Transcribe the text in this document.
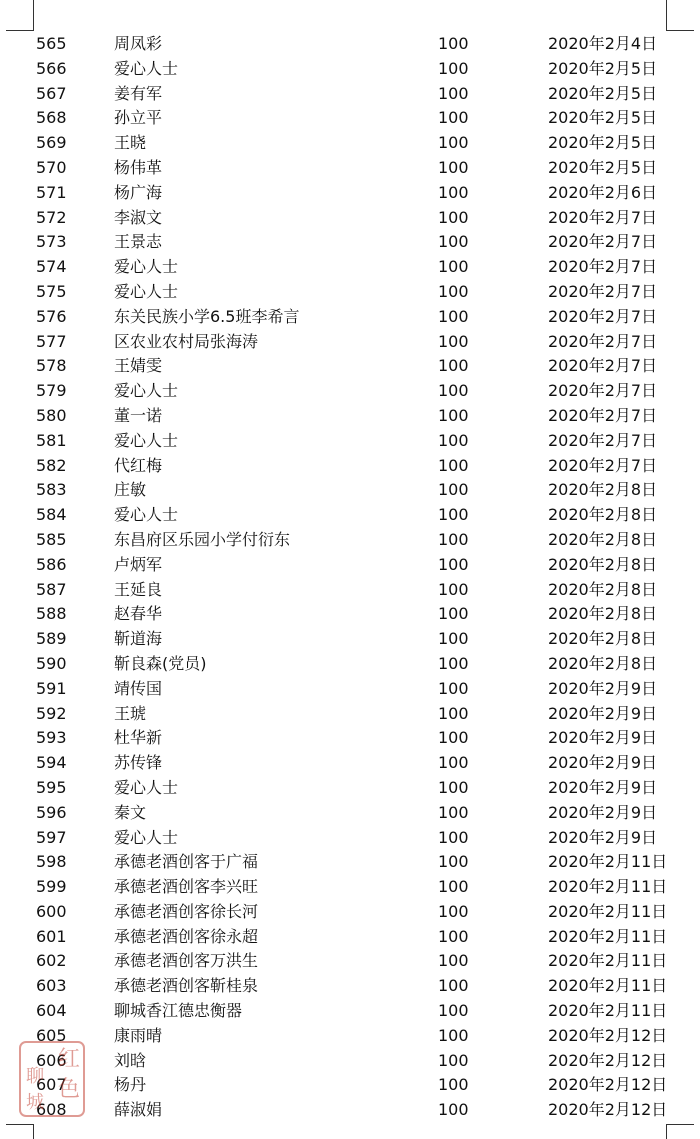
565	周凤彩	100	2020年2月4日
566	爱心人士	100	2020年2月5日
567	姜有军	100	2020年2月5日
568	孙立平	100	2020年2月5日
569	王晓	100	2020年2月5日
570	杨伟革	100	2020年2月5日
571	杨广海	100	2020年2月6日
572	李淑文	100	2020年2月7日
573	王景志	100	2020年2月7日
574	爱心人士	100	2020年2月7日
575	爱心人士	100	2020年2月7日
576	东关民族小学6.5班李希言	100	2020年2月7日
577	区农业农村局张海涛	100	2020年2月7日
578	王婧雯	100	2020年2月7日
579	爱心人士	100	2020年2月7日
580	董一诺	100	2020年2月7日
581	爱心人士	100	2020年2月7日
582	代红梅	100	2020年2月7日
583	庄敏	100	2020年2月8日
584	爱心人士	100	2020年2月8日
585	东昌府区乐园小学付衍东	100	2020年2月8日
586	卢炳军	100	2020年2月8日
587	王延良	100	2020年2月8日
588	赵春华	100	2020年2月8日
589	靳道海	100	2020年2月8日
590	靳良森(党员)	100	2020年2月8日
591	靖传国	100	2020年2月9日
592	王琥	100	2020年2月9日
593	杜华新	100	2020年2月9日
594	苏传锋	100	2020年2月9日
595	爱心人士	100	2020年2月9日
596	秦文	100	2020年2月9日
597	爱心人士	100	2020年2月9日
598	承德老酒创客于广福	100	2020年2月11日
599	承德老酒创客李兴旺	100	2020年2月11日
600	承德老酒创客徐长河	100	2020年2月11日
601	承德老酒创客徐永超	100	2020年2月11日
602	承德老酒创客万洪生	100	2020年2月11日
603	承德老酒创客靳桂泉	100	2020年2月11日
604	聊城香江德忠衡器	100	2020年2月11日
605	康雨晴	100	2020年2月12日
606	刘晗	100	2020年2月12日
607	杨丹	100	2020年2月12日
608	薛淑娟	100	2020年2月12日
红
色
聊
城
